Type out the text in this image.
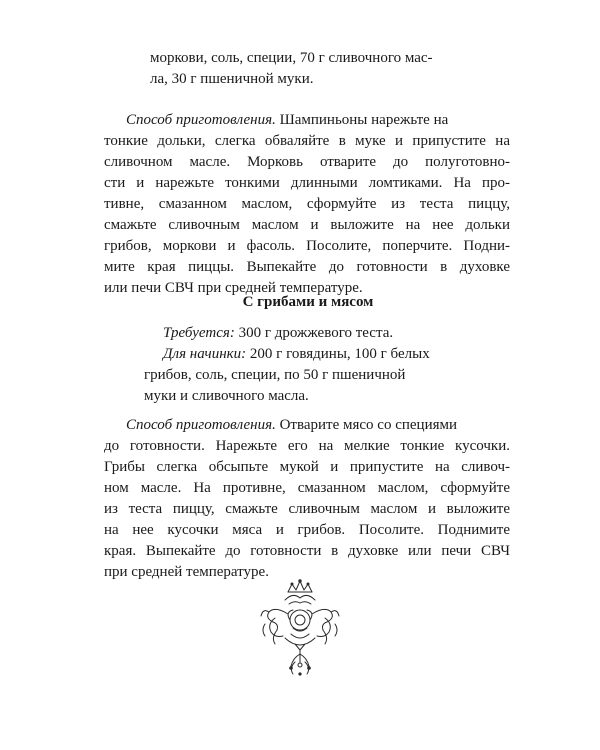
моркови, соль, специи, 70 г сливочного мас-
ла, 30 г пшеничной муки.
Способ приготовления. Шампиньоны нарежьте на
тонкие дольки, слегка обваляйте в муке и припустите на
сливочном масле. Морковь отварите до полуготовно-
сти и нарежьте тонкими длинными ломтиками. На про-
тивне, смазанном маслом, сформуйте из теста пиццу,
смажьте сливочным маслом и выложите на нее дольки
грибов, моркови и фасоль. Посолите, поперчите. Подни-
мите края пиццы. Выпекайте до готовности в духовке
или печи СВЧ при средней температуре.
С грибами и мясом
Требуется: 300 г дрожжевого теста.
Для начинки: 200 г говядины, 100 г белых
грибов, соль, специи, по 50 г пшеничной
муки и сливочного масла.
Способ приготовления. Отварите мясо со специями
до готовности. Нарежьте его на мелкие тонкие кусочки.
Грибы слегка обсыпьте мукой и припустите на сливоч-
ном масле. На противне, смазанном маслом, сформуйте
из теста пиццу, смажьте сливочным маслом и выложите
на нее кусочки мяса и грибов. Посолите. Поднимите
края. Выпекайте до готовности в духовке или печи СВЧ
при средней температуре.
